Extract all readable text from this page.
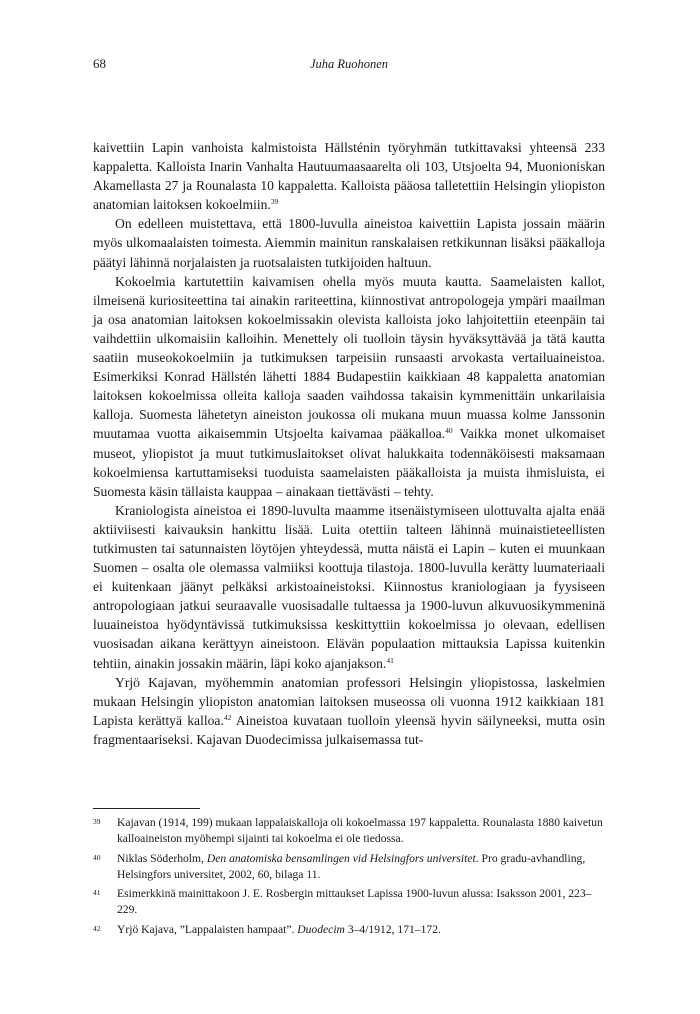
68	Juha Ruohonen

kaivettiin Lapin vanhoista kalmistoista Hällsténin työryhmän tutkittavaksi yhteensä 233 kappaletta. Kalloista Inarin Vanhalta Hautuumaasaarelta oli 103, Utsjoelta 94, Muonioniskan Akamellasta 27 ja Rounalasta 10 kappaletta. Kalloista pääosa talletettiin Helsingin yliopiston anatomian laitoksen kokoelmiin.$^{39}$

On edelleen muistettava, että 1800-luvulla aineistoa kaivettiin Lapista jossain määrin myös ulkomaalaisten toimesta. Aiemmin mainitun ranskalaisen retkikunnan lisäksi pääkalloja päätyi lähinnä norjalaisten ja ruotsalaisten tutkijoiden haltuun.

Kokoelmia kartutettiin kaivamisen ohella myös muuta kautta. Saamelaisten kallot, ilmeisenä kuriositeettina tai ainakin rariteettina, kiinnostivat antropologeja ympäri maailman ja osa anatomian laitoksen kokoelmissakin olevista kalloista joko lahjoitettiin eteenpäin tai vaihdettiin ulkomaisiin kalloihin. Menettely oli tuolloin täysin hyväksyttävää ja tätä kautta saatiin museokokoelmiin ja tutkimuksen tarpeisiin runsaasti arvokasta vertailuaineistoa. Esimerkiksi Konrad Hällstén lähetti 1884 Budapestiin kaikkiaan 48 kappaletta anatomian laitoksen kokoelmissa olleita kalloja saaden vaihdossa takaisin kymmenittäin unkarilaisia kalloja. Suomesta lähetetyn aineiston joukossa oli mukana muun muassa kolme Janssonin muutamaa vuotta aikaisemmin Utsjoelta kaivamaa pääkalloa.$^{40}$ Vaikka monet ulkomaiset museot, yliopistot ja muut tutkimuslaitokset olivat halukkaita todennäköisesti maksamaan kokoelmiensa kartuttamiseksi tuoduista saamelaisten pääkalloista ja muista ihmisluista, ei Suomesta käsin tällaista kauppaa – ainakaan tiettävästi – tehty.

Kraniologista aineistoa ei 1890-luvulta maamme itsenäistymiseen ulottuvalta ajalta enää aktiiviisesti kaivauksin hankittu lisää. Luita otettiin talteen lähinnä muinaistieteellisten tutkimusten tai satunnaisten löytöjen yhteydessä, mutta näistä ei Lapin – kuten ei muunkaan Suomen – osalta ole olemassa valmiiksi koottuja tilastoja. 1800-luvulla kerätty luumateriaali ei kuitenkaan jäänyt pelkäksi arkistoaineistoksi. Kiinnostus kraniologiaan ja fyysiseen antropologiaan jatkui seuraavalle vuosisadalle tultaessa ja 1900-luvun alkuvuosikymmeninä luuaineistoa hyödyntävissä tutkimuksissa keskittyttiin kokoelmissa jo olevaan, edellisen vuosisadan aikana kerättyyn aineistoon. Elävän populaation mittauksia Lapissa kuitenkin tehtiin, ainakin jossakin määrin, läpi koko ajanjakson.$^{41}$

Yrjö Kajavan, myöhemmin anatomian professori Helsingin yliopistossa, laskelmien mukaan Helsingin yliopiston anatomian laitoksen museossa oli vuonna 1912 kaikkiaan 181 Lapista kerättyä kalloa.$^{42}$ Aineistoa kuvataan tuolloin yleensä hyvin säilyneeksi, mutta osin fragmentaariseksi. Kajavan Duodecimissa julkaisemassa tut-

39	Kajavan (1914, 199) mukaan lappalaiskalloja oli kokoelmassa 197 kappaletta. Rounalasta 1880 kaivetun kalloaineiston myöhempi sijainti tai kokoelma ei ole tiedossa.
40	Niklas Söderholm, Den anatomiska bensamlingen vid Helsingfors universitet. Pro gradu-avhandling, Helsingfors universitet, 2002, 60, bilaga 11.
41	Esimerkkinä mainittakoon J. E. Rosbergin mittaukset Lapissa 1900-luvun alussa: Isaksson 2001, 223–229.
42	Yrjö Kajava, ”Lappalaisten hampaat”. Duodecim 3–4/1912, 171–172.
